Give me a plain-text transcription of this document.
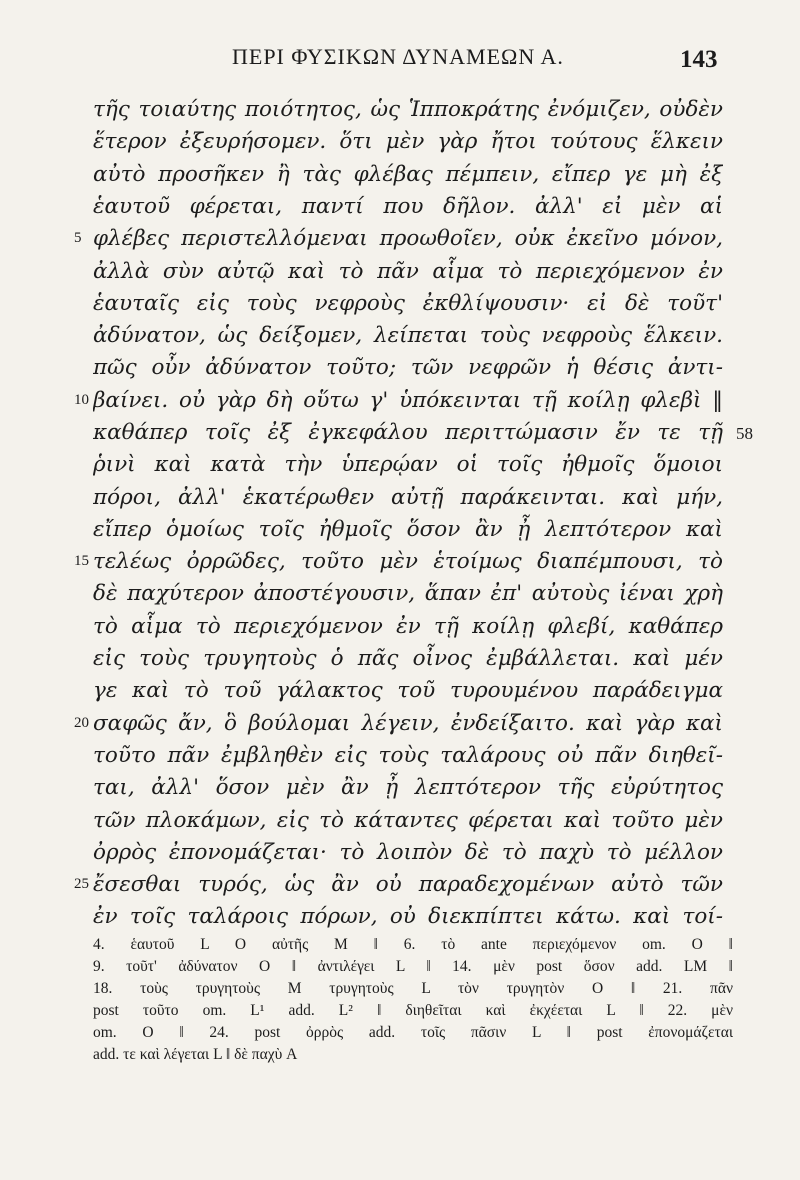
ΠΕΡΙ ΦΥΣΙΚΩΝ ΔΥΝΑΜΕΩΝ Α.	143
τῆς τοιαύτης ποιότητος, ὡς Ἱπποκράτης ἐνόμιζεν, οὐδὲν
ἕτερον ἐξευρήσομεν. ὅτι μὲν γὰρ ἤτοι τούτους ἕλκειν
αὐτὸ προσῆκεν ἢ τὰς φλέβας πέμπειν, εἴπερ γε μὴ ἐξ
ἑαυτοῦ φέρεται, παντί που δῆλον. ἀλλ' εἰ μὲν αἱ
5 φλέβες περιστελλόμεναι προωθοῖεν, οὐκ ἐκεῖνο μόνον,
ἀλλὰ σὺν αὐτῷ καὶ τὸ πᾶν αἷμα τὸ περιεχόμενον ἐν
ἑαυταῖς εἰς τοὺς νεφροὺς ἐκθλίψουσιν· εἰ δὲ τοῦτ'
ἀδύνατον, ὡς δείξομεν, λείπεται τοὺς νεφροὺς ἕλκειν.
πῶς οὖν ἀδύνατον τοῦτο; τῶν νεφρῶν ἡ θέσις ἀντι-
10 βαίνει. οὐ γὰρ δὴ οὕτω γ' ὑπόκεινται τῇ κοίλῃ φλεβὶ ‖
καθάπερ τοῖς ἐξ ἐγκεφάλου περιττώμασιν ἔν τε τῇ 58
ῥινὶ καὶ κατὰ τὴν ὑπερῴαν οἱ τοῖς ἠθμοῖς ὅμοιοι
πόροι, ἀλλ' ἑκατέρωθεν αὐτῇ παράκεινται. καὶ μήν,
εἴπερ ὁμοίως τοῖς ἠθμοῖς ὅσον ἂν ᾖ λεπτότερον καὶ
15 τελέως ὀρρῶδες, τοῦτο μὲν ἑτοίμως διαπέμπουσι, τὸ
δὲ παχύτερον ἀποστέγουσιν, ἅπαν ἐπ' αὐτοὺς ἰέναι χρὴ
τὸ αἷμα τὸ περιεχόμενον ἐν τῇ κοίλῃ φλεβί, καθάπερ
εἰς τοὺς τρυγητοὺς ὁ πᾶς οἶνος ἐμβάλλεται. καὶ μέν
γε καὶ τὸ τοῦ γάλακτος τοῦ τυρουμένου παράδειγμα
20 σαφῶς ἄν, ὃ βούλομαι λέγειν, ἐνδείξαιτο. καὶ γὰρ καὶ
τοῦτο πᾶν ἐμβληθὲν εἰς τοὺς ταλάρους οὐ πᾶν διηθεῖ-
ται, ἀλλ' ὅσον μὲν ἂν ᾖ λεπτότερον τῆς εὐρύτητος
τῶν πλοκάμων, εἰς τὸ κάταντες φέρεται καὶ τοῦτο μὲν
ὀρρὸς ἐπονομάζεται· τὸ λοιπὸν δὲ τὸ παχὺ τὸ μέλλον
25 ἔσεσθαι τυρός, ὡς ἂν οὐ παραδεχομένων αὐτὸ τῶν
ἐν τοῖς ταλάροις πόρων, οὐ διεκπίπτει κάτω. καὶ τοί-
4. ἑαυτοῦ L O αὐτῆς M ‖ 6. τὸ ante περιεχόμενον om. O ‖
9. τοῦτ' ἀδύνατον O ‖ ἀντιλέγει L ‖ 14. μὲν post ὅσον add. LM ‖
18. τοὺς τρυγητοὺς M τρυγητοὺς L τὸν τρυγητὸν O ‖ 21. πᾶν
post τοῦτο om. L¹ add. L² ‖ διηθεῖται καὶ ἐκχέεται L ‖ 22. μὲν
om. O ‖ 24. post ὀρρὸς add. τοῖς πᾶσιν L ‖ post ἐπονομάζεται
add. τε καὶ λέγεται L ‖ δὲ παχὺ A
